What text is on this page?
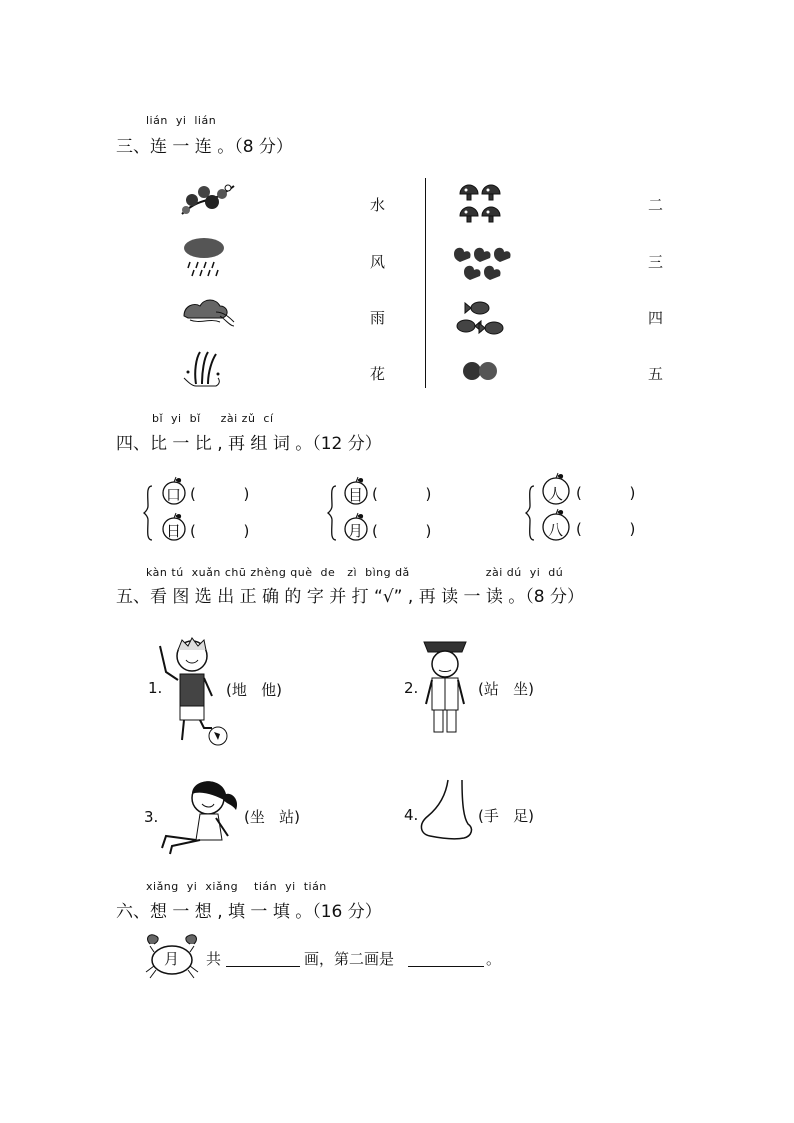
lián  yi  lián
三、连 一 连 。（8 分）
水
风
雨
花
二
三
四
五
bǐ  yi  bǐ     zài zǔ  cí
四、比 一 比 , 再 组 词 。（12 分）
口 (          )
日 (          )
目 (          )
月 (          )
人 (          )
八 (          )
kàn tú  xuǎn chū zhèng què  de   zì  bìng dǎ                   zài dú  yi  dú
五、看 图 选 出 正 确 的 字 并 打 “√” , 再 读 一 读 。（8 分）
1.	(地   他)	2.	(站   坐)
3.	(坐   站)	4.	(手   足)
xiǎng  yi  xiǎng    tián  yi  tián
六、想 一 想 , 填 一 填 。（16 分）
月 共	画，第二画是	。
